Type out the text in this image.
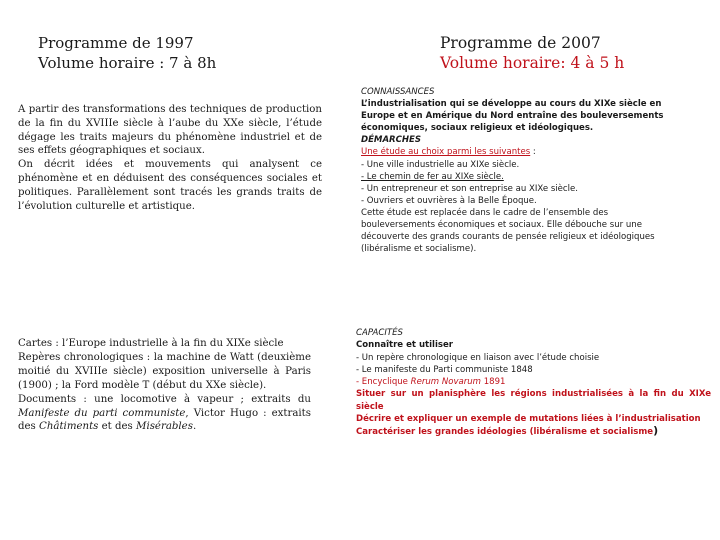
Programme de 1997
Volume horaire : 7 à 8h

A partir des transformations des techniques de production de la fin du XVIIIe siècle à l’aube du XXe siècle, l’étude dégage les traits majeurs du phénomène industriel et de ses effets géographiques et sociaux.

On décrit idées et mouvements qui analysent ce phénomène et en déduisent des conséquences sociales et politiques. Parallèlement sont tracés les grands traits de l’évolution culturelle et artistique.

Cartes : l’Europe industrielle à la fin du XIXe siècle

Repères chronologiques : la machine de Watt (deuxième moitié du XVIIIe siècle) exposition universelle à Paris (1900) ; la Ford modèle T (début du XXe siècle).

Documents : une locomotive à vapeur ; extraits du Manifeste du parti communiste, Victor Hugo : extraits des Châtiments et des Misérables.

Programme de 2007
Volume horaire: 4 à 5 h
CONNAISSANCES
L’industrialisation qui se développe au cours du XIXe siècle en
Europe et en Amérique du Nord entraîne des bouleversements
économiques, sociaux religieux et idéologiques.
DÉMARCHES
Une étude au choix parmi les suivantes :
- Une ville industrielle au XIXe siècle.
- Le chemin de fer au XIXe siècle.
- Un entrepreneur et son entreprise au XIXe siècle.
- Ouvriers et ouvrières à la Belle Époque.
Cette étude est replacée dans le cadre de l’ensemble des
bouleversements économiques et sociaux. Elle débouche sur une
découverte des grands courants de pensée religieux et idéologiques
(libéralisme et socialisme).
CAPACITÉS
Connaître et utiliser
- Un repère chronologique en liaison avec l’étude choisie
- Le manifeste du Parti communiste 1848
- Encyclique Rerum Novarum 1891
Situer sur un planisphère les régions industrialisées à la fin du XIXe siècle
Décrire et expliquer un exemple de mutations liées à l’industrialisation
Caractériser les grandes idéologies (libéralisme et socialisme)
